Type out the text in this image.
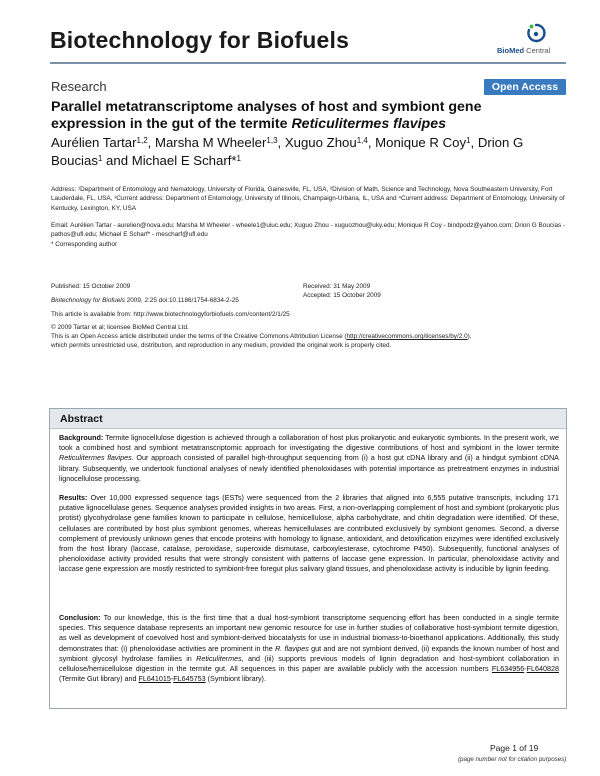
Biotechnology for Biofuels	BioMed Central
Research	Open Access
Parallel metatranscriptome analyses of host and symbiont gene expression in the gut of the termite Reticulitermes flavipes
Aurélien Tartar$^{1,2}$, Marsha M Wheeler$^{1,3}$, Xuguo Zhou$^{1,4}$, Monique R Coy$^1$, Drion G Boucias$^1$ and Michael E Scharf*$^1$
Address: ¹Department of Entomology and Nematology, University of Florida, Gainesville, FL, USA, ²Division of Math, Science and Technology, Nova Southeastern University, Fort Lauderdale, FL, USA, ³Current address: Department of Entomology, University of Illinois, Champaign-Urbana, IL, USA and ⁴Current address: Department of Entomology, University of Kentucky, Lexington, KY, USA
Email: Aurélien Tartar - aurelien@nova.edu; Marsha M Wheeler - wheele1@uiuc.edu; Xuguo Zhou - xuguozhou@uky.edu; Monique R Coy - bindpodz@yahoo.com; Drion G Boucias - pathos@ufl.edu; Michael E Scharf* - mescharf@ufl.edu
* Corresponding author
Published: 15 October 2009	Received: 31 May 2009
Accepted: 15 October 2009
Biotechnology for Biofuels 2009, 2:25 doi:10.1186/1754-6834-2-25
This article is available from: http://www.biotechnologyforbiofuels.com/content/2/1/25
© 2009 Tartar et al; licensee BioMed Central Ltd.
This is an Open Access article distributed under the terms of the Creative Commons Attribution License (http://creativecommons.org/licenses/by/2.0),
which permits unrestricted use, distribution, and reproduction in any medium, provided the original work is properly cited.
Abstract
Background: Termite lignocellulose digestion is achieved through a collaboration of host plus prokaryotic and eukaryotic symbionts. In the present work, we took a combined host and symbiont metatranscriptomic approach for investigating the digestive contributions of host and symbiont in the lower termite Reticulitermes flavipes. Our approach consisted of parallel high-throughput sequencing from (i) a host gut cDNA library and (ii) a hindgut symbiont cDNA library. Subsequently, we undertook functional analyses of newly identified phenoloxidases with potential importance as pretreatment enzymes in industrial lignocellulose processing.
Results: Over 10,000 expressed sequence tags (ESTs) were sequenced from the 2 libraries that aligned into 6,555 putative transcripts, including 171 putative lignocellulase genes. Sequence analyses provided insights in two areas. First, a non-overlapping complement of host and symbiont (prokaryotic plus protist) glycohydrolase gene families known to participate in cellulose, hemicellulose, alpha carbohydrate, and chitin degradation were identified. Of these, cellulases are contributed by host plus symbiont genomes, whereas hemicellulases are contributed exclusively by symbiont genomes. Second, a diverse complement of previously unknown genes that encode proteins with homology to lignase, antioxidant, and detoxification enzymes were identified exclusively from the host library (laccase, catalase, peroxidase, superoxide dismutase, carboxylesterase, cytochrome P450). Subsequently, functional analyses of phenoloxidase activity provided results that were strongly consistent with patterns of laccase gene expression. In particular, phenoloxidase activity and laccase gene expression are mostly restricted to symbiont-free foregut plus salivary gland tissues, and phenoloxidase activity is inducible by lignin feeding.
Conclusion: To our knowledge, this is the first time that a dual host-symbiont transcriptome sequencing effort has been conducted in a single termite species. This sequence database represents an important new genomic resource for use in further studies of collaborative host-symbiont termite digestion, as well as development of coevolved host and symbiont-derived biocatalysts for use in industrial biomass-to-bioethanol applications. Additionally, this study demonstrates that: (i) phenoloxidase activities are prominent in the R. flavipes gut and are not symbiont derived, (ii) expands the known number of host and symbiont glycosyl hydrolase families in Reticulitermes, and (iii) supports previous models of lignin degradation and host-symbiont collaboration in cellulose/hemicellulose digestion in the termite gut. All sequences in this paper are available publicly with the accession numbers FL634956-FL640828 (Termite Gut library) and FL641015-FL645753 (Symbiont library).
Page 1 of 19
(page number not for citation purposes)
